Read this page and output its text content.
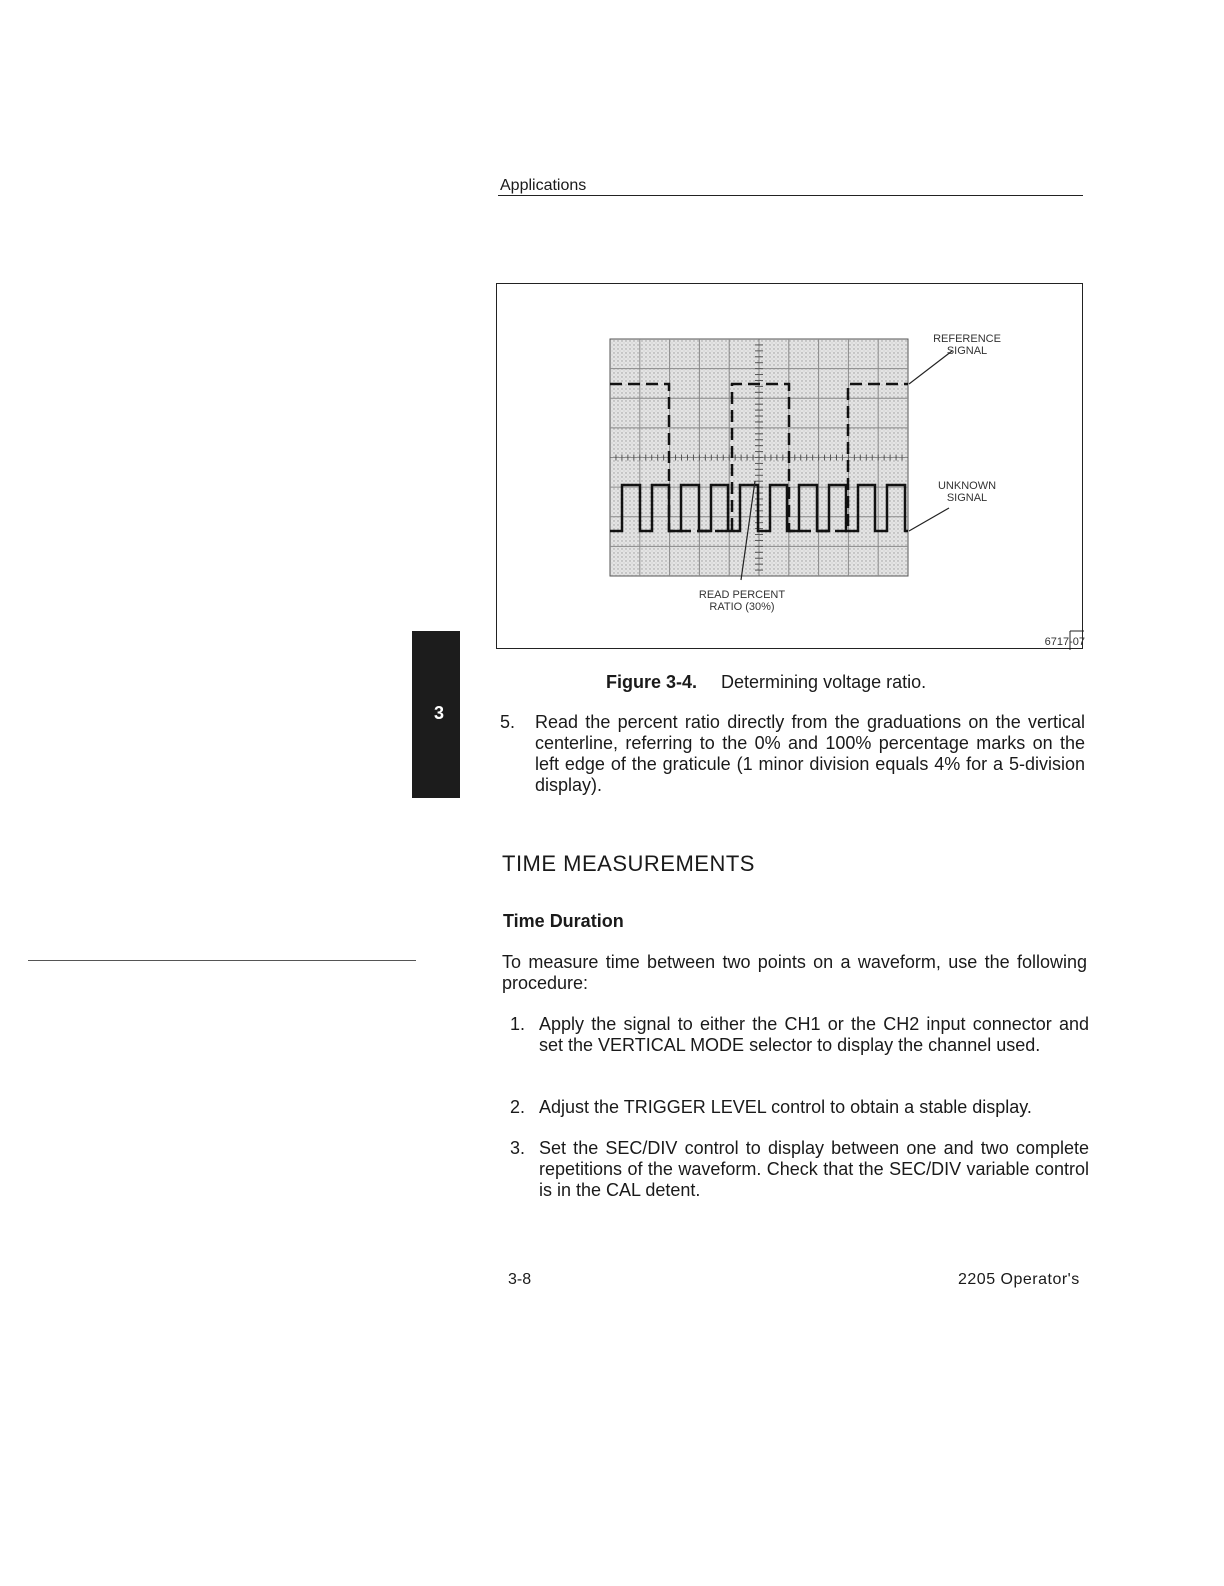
Applications
REFERENCE
SIGNAL
UNKNOWN
SIGNAL
READ PERCENT
RATIO (30%)
6717-07
Figure 3-4. Determining voltage ratio.
3	5. Read the percent ratio directly from the graduations on the vertical centerline, referring to the 0% and 100% percentage marks on the left edge of the graticule (1 minor division equals 4% for a 5-division display).
TIME MEASUREMENTS
Time Duration
To measure time between two points on a waveform, use the following procedure:
1. Apply the signal to either the CH1 or the CH2 input connector and set the VERTICAL MODE selector to display the channel used.
2. Adjust the TRIGGER LEVEL control to obtain a stable display.
3. Set the SEC/DIV control to display between one and two complete repetitions of the waveform. Check that the SEC/DIV variable control is in the CAL detent.
3-8	2205 Operator's
